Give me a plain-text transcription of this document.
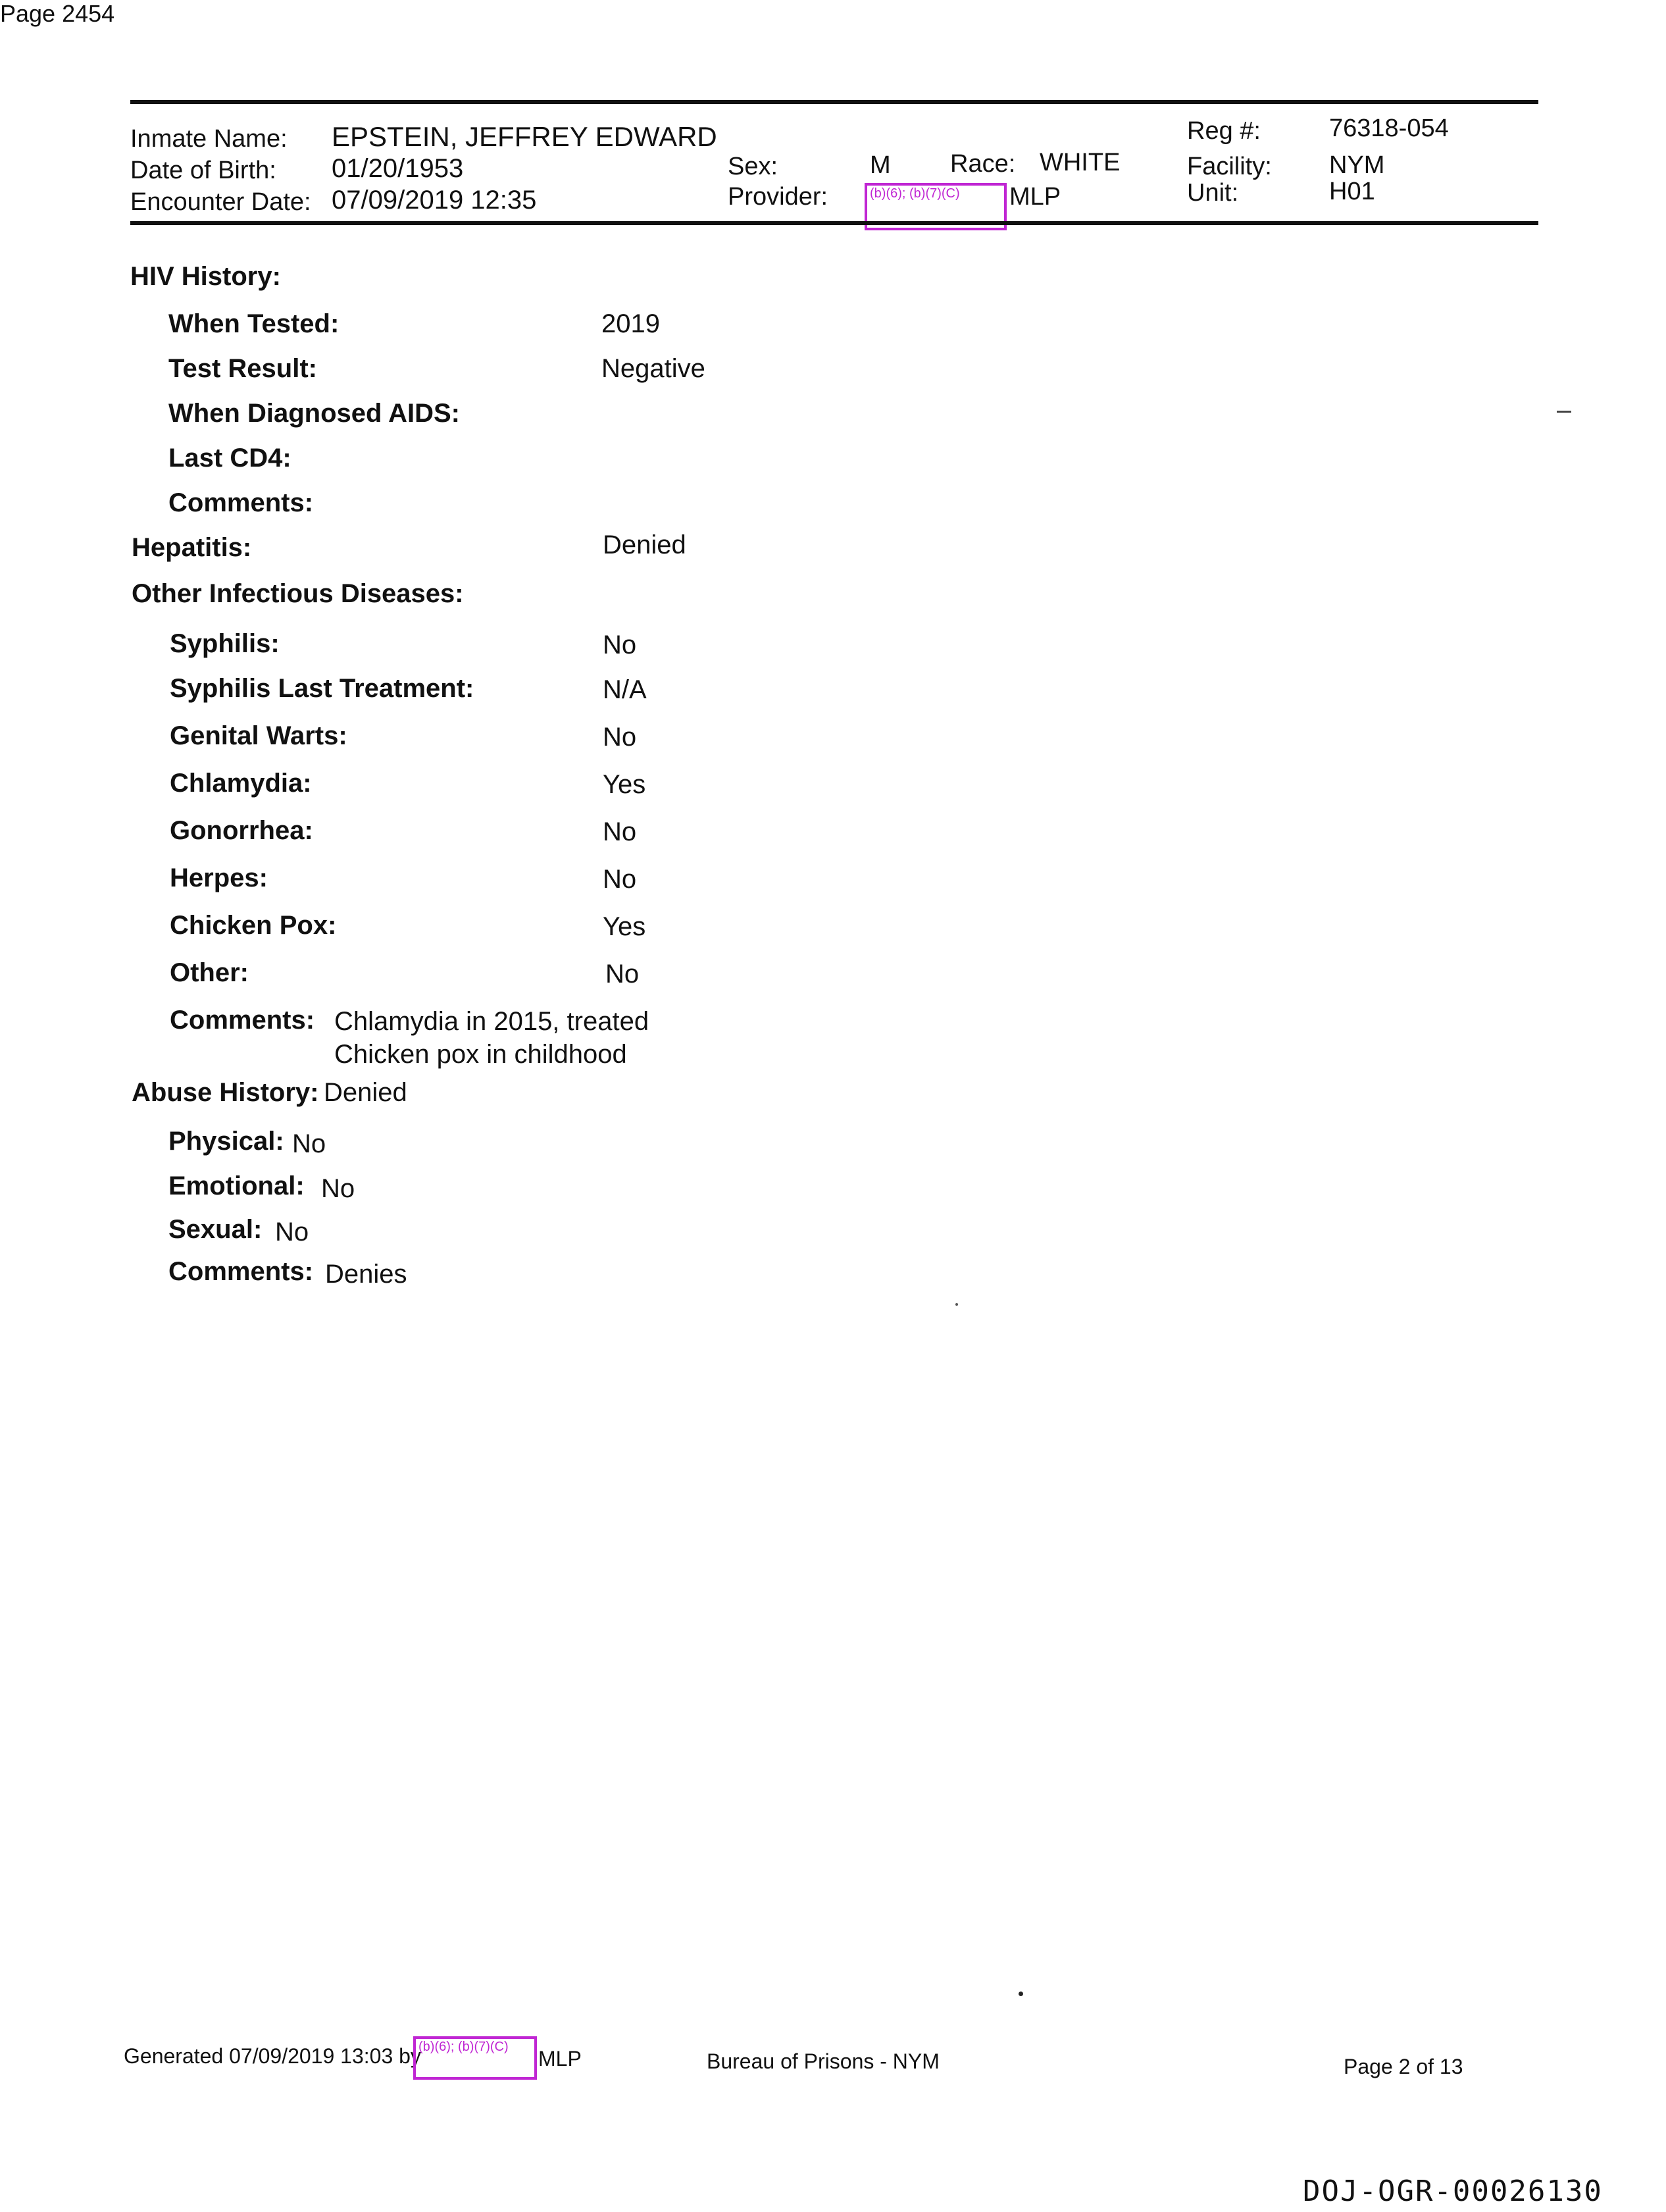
Page 2454
Inmate Name: EPSTEIN, JEFFREY EDWARD
Date of Birth: 01/20/1953
Encounter Date: 07/09/2019 12:35
Sex:	M Race: WHITE
Provider:	(b)(6); (b)(7)(C)	MLP
Reg #:	76318-054
Facility: NYM
Unit:	H01
HIV History:
When Tested:	2019
Test Result:	Negative
When Diagnosed AIDS:
Last CD4:
Comments:
Hepatitis:	Denied
Other Infectious Diseases:
Syphilis:	No
Syphilis Last Treatment:	N/A
Genital Warts:	No
Chlamydia:	Yes
Gonorrhea:	No
Herpes:	No
Chicken Pox:	Yes
Other:	No
Comments: Chlamydia in 2015, treated
Chicken pox in childhood
Abuse History: Denied
Physical: No
Emotional: No
Sexual: No
Comments: Denies
Generated 07/09/2019 13:03 by
(b)(6); (b)(7)(C)	MLP	Bureau of Prisons - NYM	Page 2 of 13
DOJ-OGR-00026130
